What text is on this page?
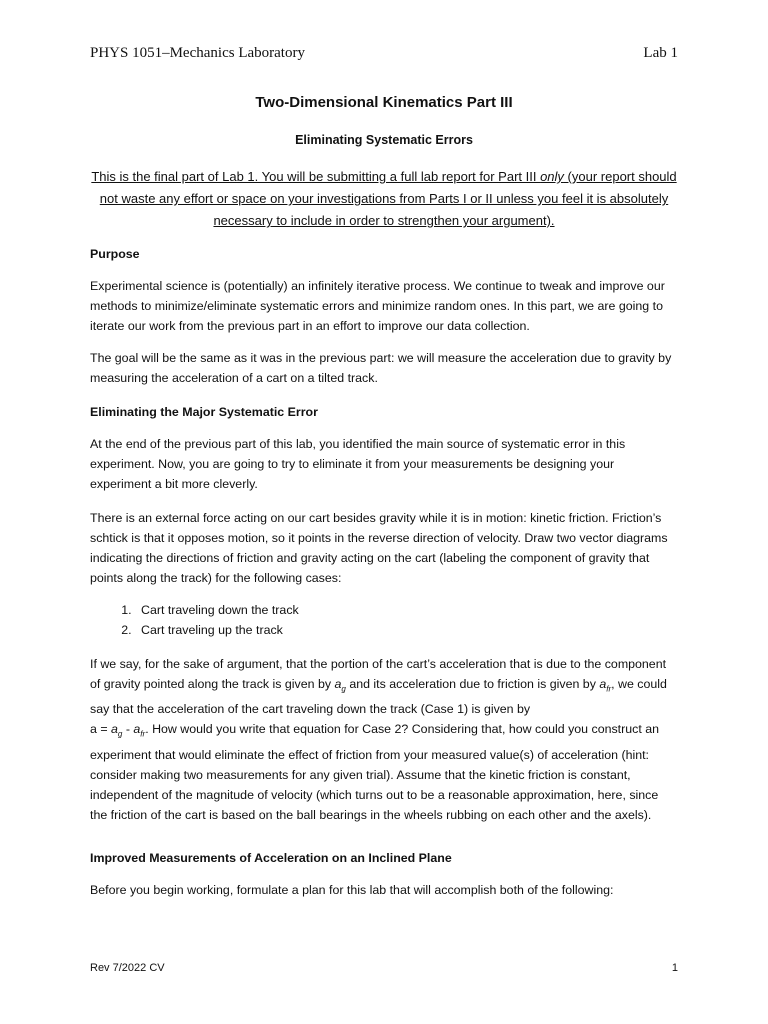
PHYS 1051–Mechanics Laboratory	Lab 1
Two-Dimensional Kinematics Part III
Eliminating Systematic Errors
This is the final part of Lab 1. You will be submitting a full lab report for Part III only (your report should not waste any effort or space on your investigations from Parts I or II unless you feel it is absolutely necessary to include in order to strengthen your argument).
Purpose

Experimental science is (potentially) an infinitely iterative process. We continue to tweak and improve our methods to minimize/eliminate systematic errors and minimize random ones. In this part, we are going to iterate our work from the previous part in an effort to improve our data collection.

The goal will be the same as it was in the previous part: we will measure the acceleration due to gravity by measuring the acceleration of a cart on a tilted track.

Eliminating the Major Systematic Error

At the end of the previous part of this lab, you identified the main source of systematic error in this experiment. Now, you are going to try to eliminate it from your measurements be designing your experiment a bit more cleverly.

There is an external force acting on our cart besides gravity while it is in motion: kinetic friction. Friction’s schtick is that it opposes motion, so it points in the reverse direction of velocity. Draw two vector diagrams indicating the directions of friction and gravity acting on the cart (labeling the component of gravity that points along the track) for the following cases:

1. Cart traveling down the track
2. Cart traveling up the track

If we say, for the sake of argument, that the portion of the cart’s acceleration that is due to the component of gravity pointed along the track is given by $a_g$ and its acceleration due to friction is given by $a_{fr}$, we could say that the acceleration of the cart traveling down the track (Case 1) is given by
$a = a_g - a_{fr}$. How would you write that equation for Case 2? Considering that, how could you construct an experiment that would eliminate the effect of friction from your measured value(s) of acceleration (hint: consider making two measurements for any given trial). Assume that the kinetic friction is constant, independent of the magnitude of velocity (which turns out to be a reasonable approximation, here, since the friction of the cart is based on the ball bearings in the wheels rubbing on each other and the axels).

Improved Measurements of Acceleration on an Inclined Plane

Before you begin working, formulate a plan for this lab that will accomplish both of the following:

Rev 7/2022 CV	1
